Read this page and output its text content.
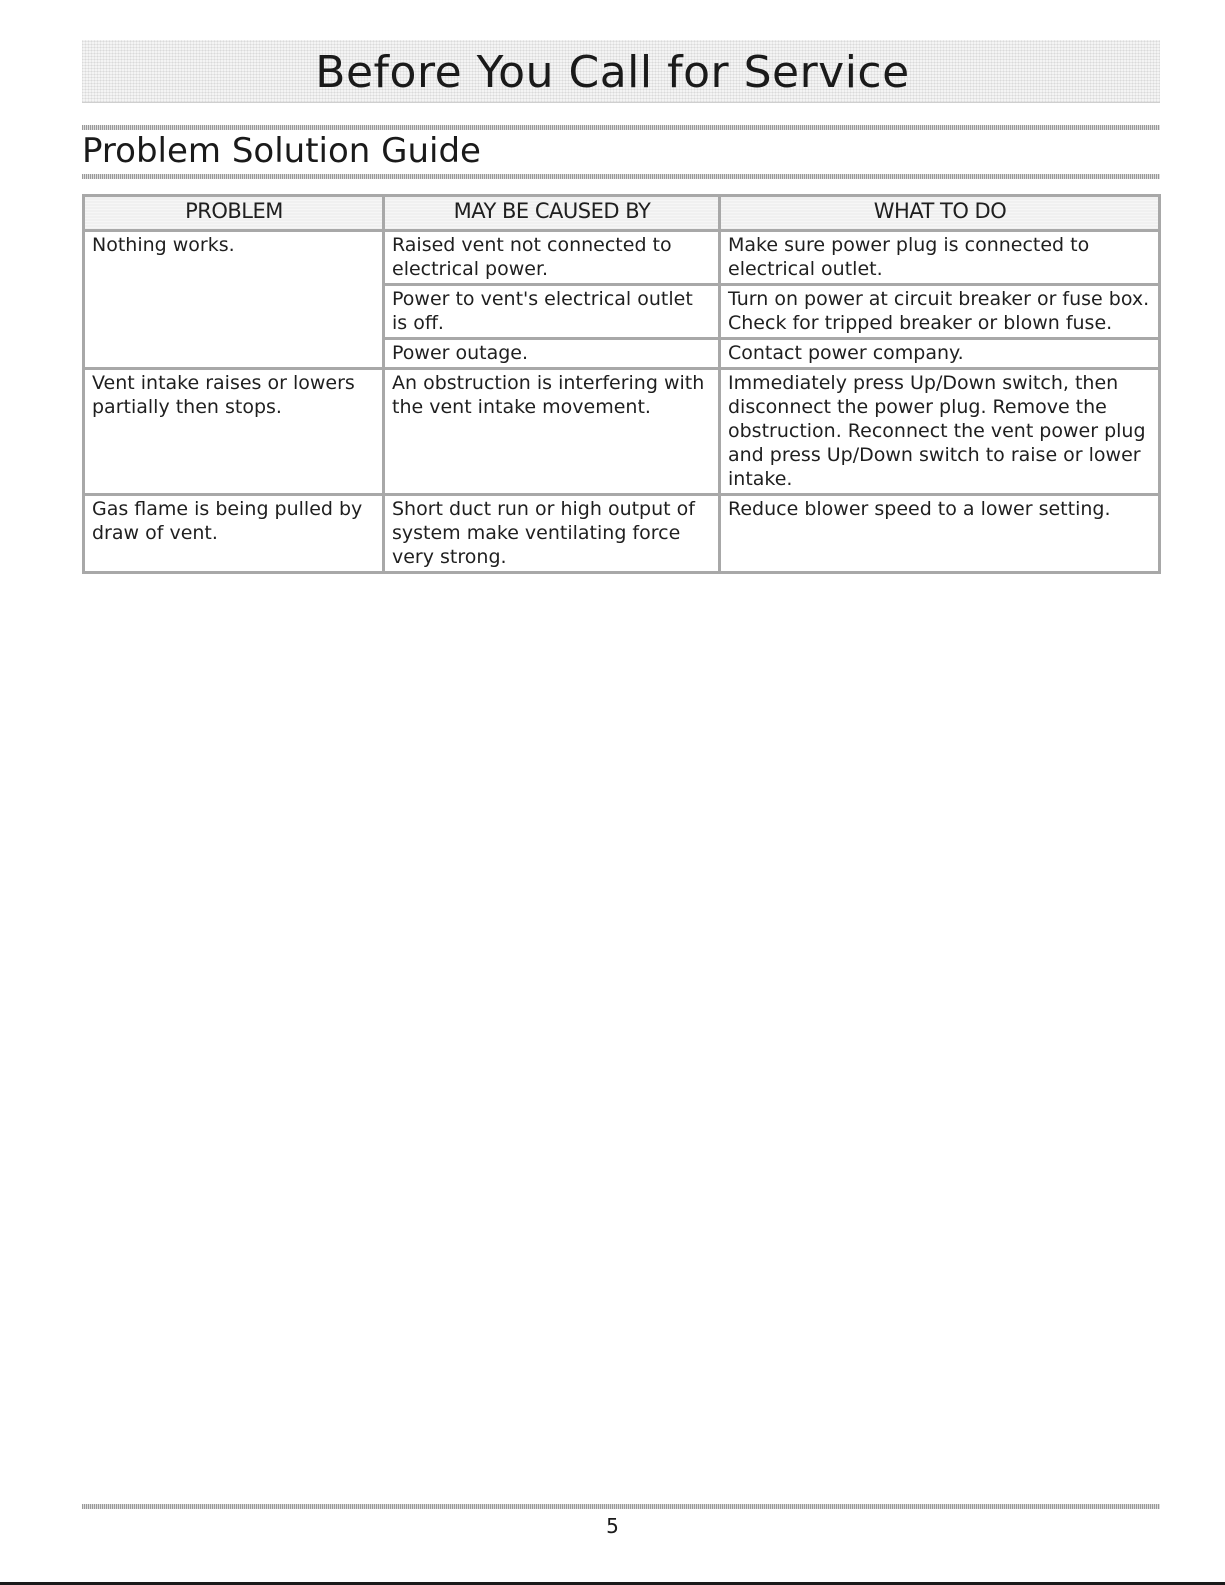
Before You Call for Service
Problem Solution Guide
PROBLEM	MAY BE CAUSED BY	WHAT TO DO
Nothing works.	Raised vent not connected to electrical power.	Make sure power plug is connected to electrical outlet.
	Power to vent's electrical outlet is off.	Turn on power at circuit breaker or fuse box. Check for tripped breaker or blown fuse.
	Power outage.	Contact power company.
Vent intake raises or lowers partially then stops.	An obstruction is interfering with the vent intake movement.	Immediately press Up/Down switch, then disconnect the power plug. Remove the obstruction. Reconnect the vent power plug and press Up/Down switch to raise or lower intake.
Gas flame is being pulled by draw of vent.	Short duct run or high output of system make ventilating force very strong.	Reduce blower speed to a lower setting.
5
